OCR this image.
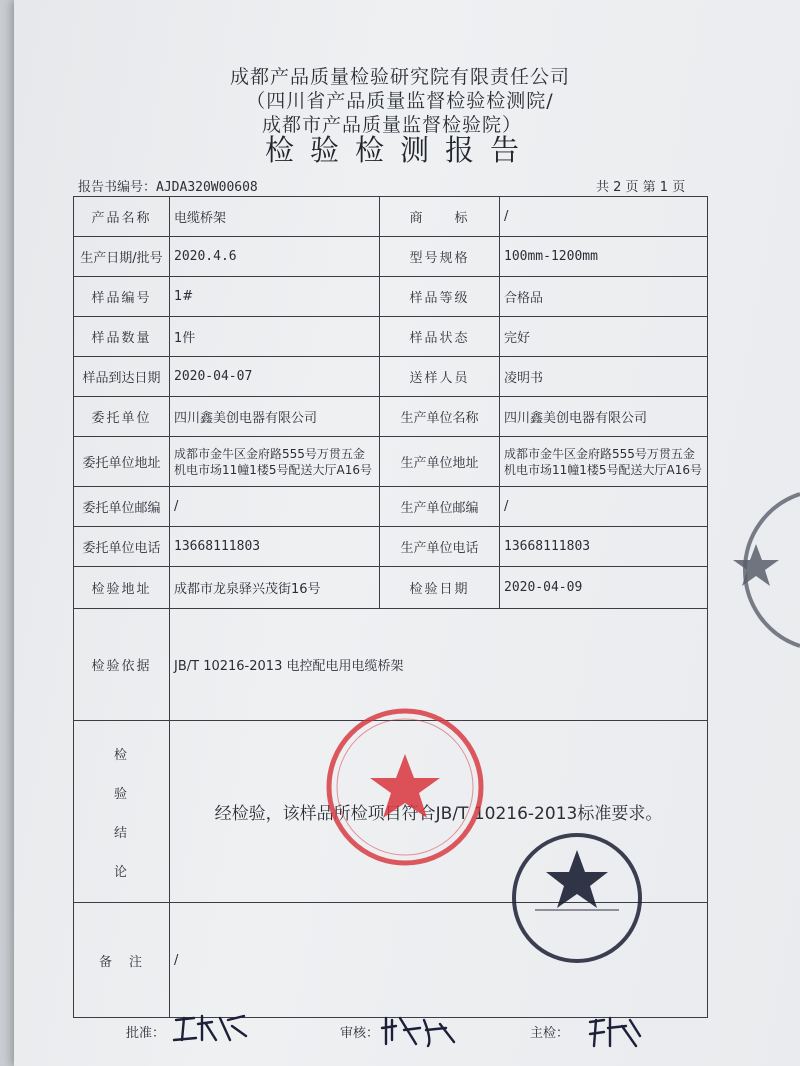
成都产品质量检验研究院有限责任公司
（四川省产品质量监督检验检测院/
成都市产品质量监督检验院）
检验检测报告
报告书编号：AJDA320W00608	共 2 页 第 1 页
产品名称	电缆桥架	商　　标	/
生产日期/批号	2020.4.6	型号规格	100mm-1200mm
样品编号	1#	样品等级	合格品
样品数量	1件	样品状态	完好
样品到达日期	2020-04-07	送样人员	凌明书
委托单位	四川鑫美创电器有限公司	生产单位名称	四川鑫美创电器有限公司
委托单位地址	成都市金牛区金府路555号万贯五金机电市场11幢1楼5号配送大厅A16号	生产单位地址	成都市金牛区金府路555号万贯五金机电市场11幢1楼5号配送大厅A16号
委托单位邮编	/	生产单位邮编	/
委托单位电话	13668111803	生产单位电话	13668111803
检验地址	成都市龙泉驿兴茂街16号	检验日期	2020-04-09
检验依据	JB/T 10216-2013 电控配电用电缆桥架		

检
验
结
论	经检验，该样品所检项目符合JB/T 10216-2013标准要求。		
备　注	/		
批准：	审核：	主检：
